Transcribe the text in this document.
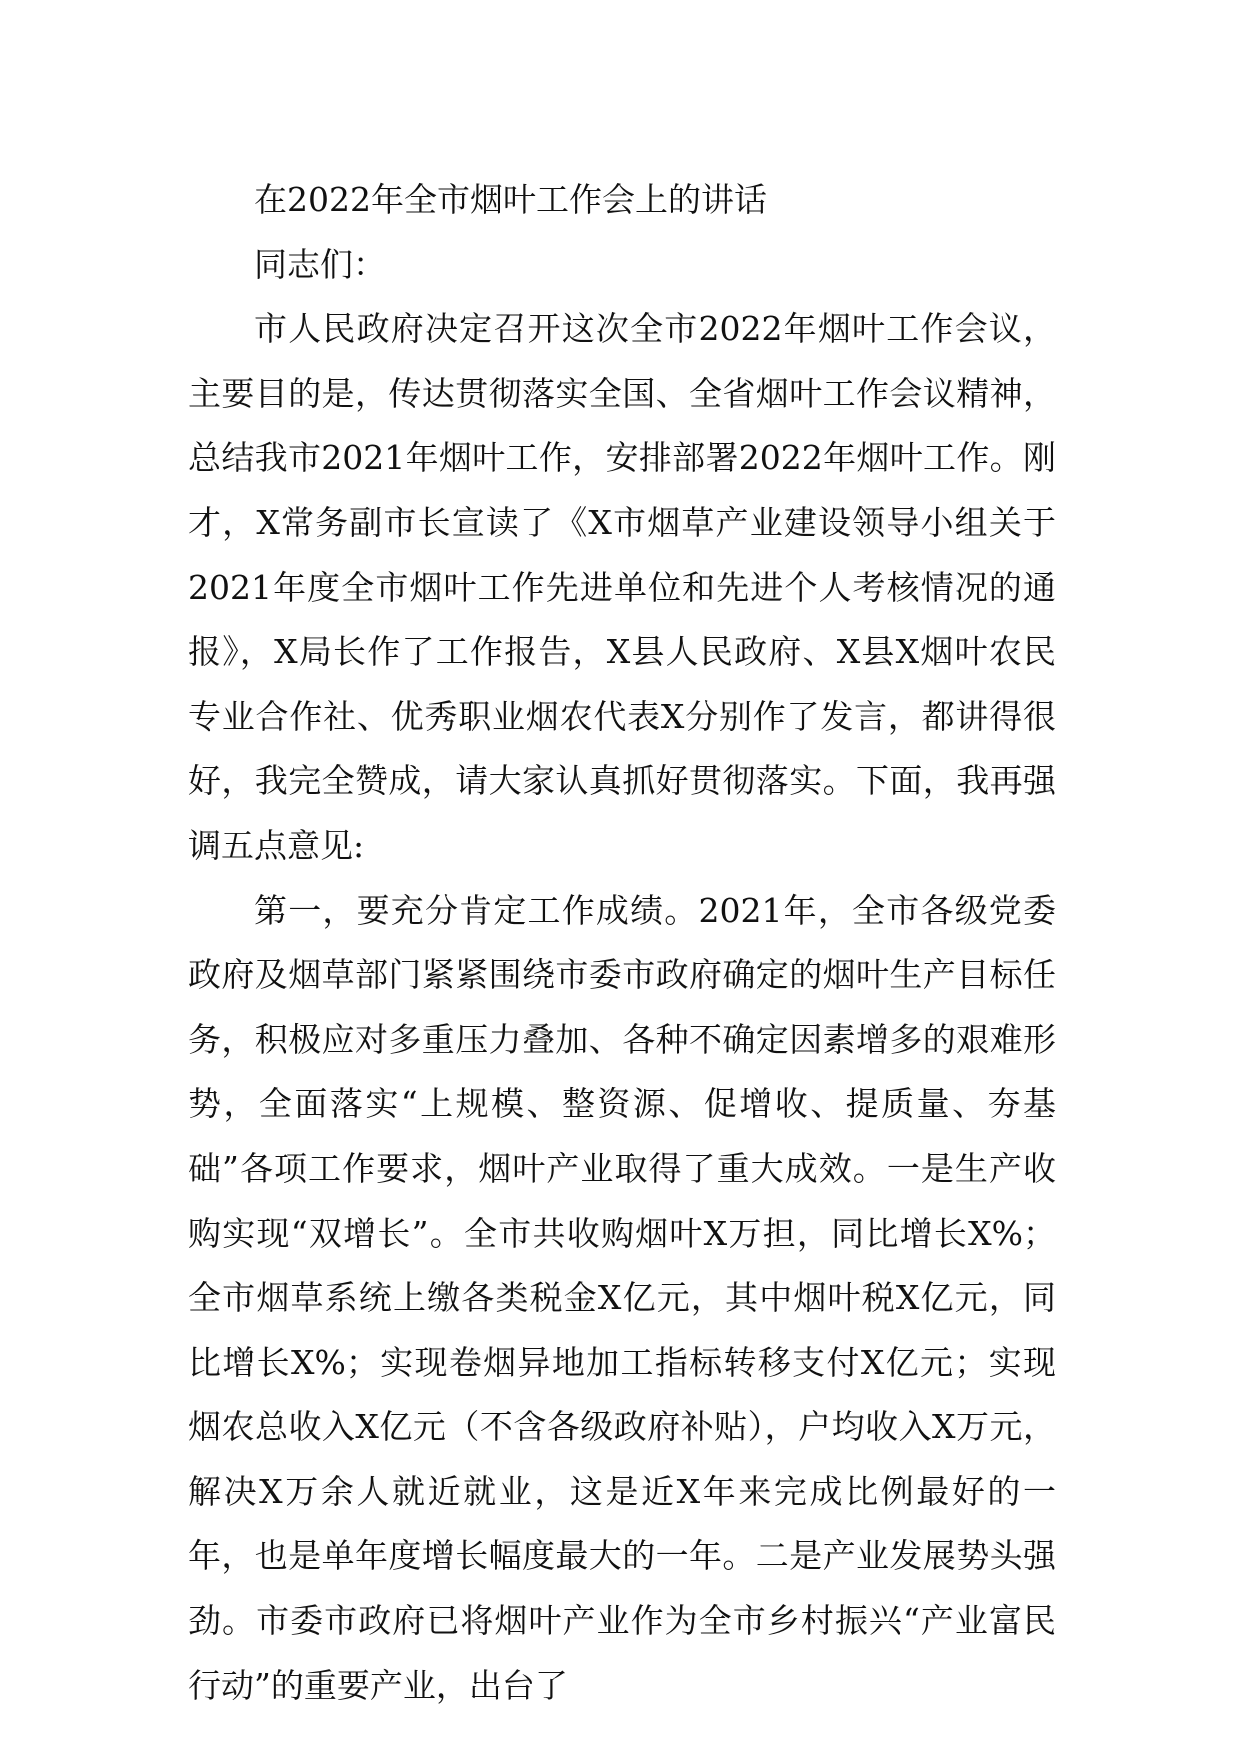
在2022年全市烟叶工作会上的讲话

同志们：

市人民政府决定召开这次全市2022年烟叶工作会议，主要目的是，传达贯彻落实全国、全省烟叶工作会议精神，总结我市2021年烟叶工作，安排部署2022年烟叶工作。刚才，X常务副市长宣读了《X市烟草产业建设领导小组关于2021年度全市烟叶工作先进单位和先进个人考核情况的通报》，X局长作了工作报告，X县人民政府、X县X烟叶农民专业合作社、优秀职业烟农代表X分别作了发言，都讲得很好，我完全赞成，请大家认真抓好贯彻落实。下面，我再强调五点意见:

第一，要充分肯定工作成绩。2021年，全市各级党委政府及烟草部门紧紧围绕市委市政府确定的烟叶生产目标任务，积极应对多重压力叠加、各种不确定因素增多的艰难形势，全面落实“上规模、整资源、促增收、提质量、夯基础”各项工作要求，烟叶产业取得了重大成效。一是生产收购实现“双增长”。全市共收购烟叶X万担，同比增长X%；全市烟草系统上缴各类税金X亿元，其中烟叶税X亿元，同比增长X%；实现卷烟异地加工指标转移支付X亿元；实现烟农总收入X亿元（不含各级政府补贴），户均收入X万元，解决X万余人就近就业，这是近X年来完成比例最好的一年，也是单年度增长幅度最大的一年。二是产业发展势头强劲。市委市政府已将烟叶产业作为全市乡村振兴“产业富民行动”的重要产业，出台了
